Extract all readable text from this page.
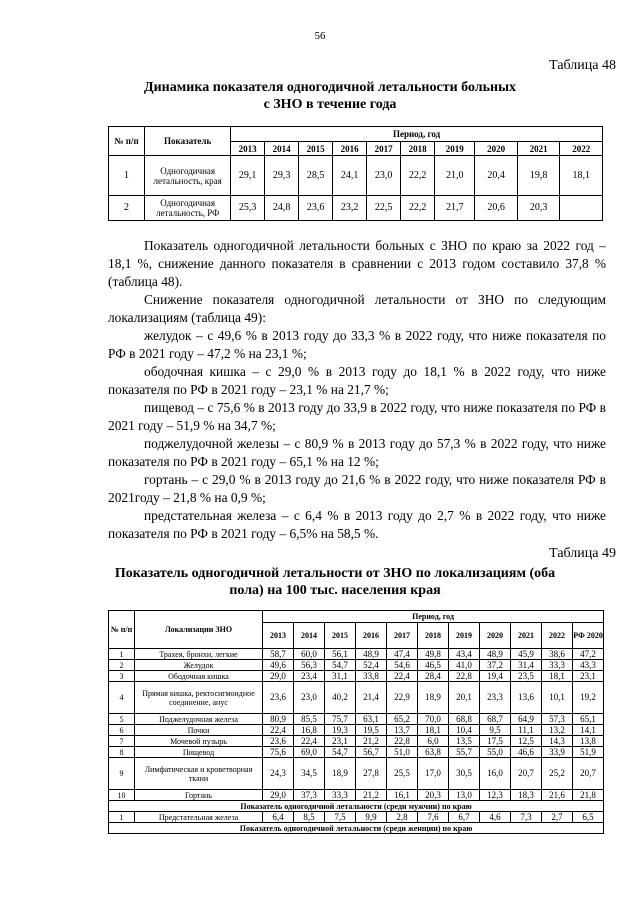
56
Таблица 48
Динамика показателя одногодичной летальности больных
с ЗНО в течение года
№ п/п	Показатель	Период, год									
		2013	2014	2015	2016	2017	2018	2019	2020	2021	2022
1	Одногодичная летальность, края	29,1	29,3	28,5	24,1	23,0	22,2	21,0	20,4	19,8	18,1
2	Одногодичная летальность, РФ	25,3	24,8	23,6	23,2	22,5	22,2	21,7	20,6	20,3	

Показатель одногодичной летальности больных с ЗНО по краю за 2022 год – 18,1 %, снижение данного показателя в сравнении с 2013 годом составило 37,8 % (таблица 48).

Снижение показателя одногодичной летальности от ЗНО по следующим локализациям (таблица 49):

желудок – с 49,6 % в 2013 году до 33,3 % в 2022 году, что ниже показателя по РФ в 2021 году – 47,2 % на 23,1 %;

ободочная кишка – с 29,0 % в 2013 году до 18,1 % в 2022 году, что ниже показателя по РФ в 2021 году – 23,1 % на 21,7 %;

пищевод – с 75,6 % в 2013 году до 33,9 в 2022 году, что ниже показателя по РФ в 2021 году – 51,9 % на 34,7 %;

поджелудочной железы – с 80,9 % в 2013 году до 57,3 % в 2022 году, что ниже показателя по РФ в 2021 году – 65,1 % на 12 %;

гортань – с 29,0 % в 2013 году до 21,6 % в 2022 году, что ниже показателя РФ в 2021году – 21,8 % на 0,9 %;

предстательная железа – с 6,4 % в 2013 году до 2,7 % в 2022 году, что ниже показателя по РФ в 2021 году – 6,5% на 58,5 %.

Таблица 49
Показатель одногодичной летальности от ЗНО по локализациям (оба
пола) на 100 тыс. населения края
№ п/п	Локализации ЗНО	Период, год										
		2013	2014	2015	2016	2017	2018	2019	2020	2021	2022	РФ 2020
1	Трахея, бронхи, легкие	58,7	60,0	56,1	48,9	47,4	49,8	43,4	48,9	45,9	38,6	47,2
2	Желудок	49,6	56,3	54,7	52,4	54,6	46,5	41,0	37,2	31,4	33,3	43,3
3	Ободочная кишка	29,0	23,4	31,1	33,8	22,4	28,4	22,8	19,4	23,5	18,1	23,1
4	Прямая кишка, ректосигмоидное соединение, анус	23,6	23,0	40,2	21,4	22,9	18,9	20,1	23,3	13,6	10,1	19,2
5	Поджелудочная железа	80,9	85,5	75,7	63,1	65,2	70,0	68,8	68,7	64,9	57,3	65,1
6	Почки	22,4	16,8	19,3	19,5	13,7	18,1	10,4	9,5	11,1	13,2	14,1
7	Мочевой пузырь	23,6	22,4	23,1	21,2	22,8	6,0	13,5	17,5	12,5	14,3	13,8
8	Пищевод	75,6	69,0	54,7	56,7	51,0	63,8	55,7	55,0	46,6	33,9	51,9
9	Лимфатическая и кроветворная ткани	24,3	34,5	18,9	27,8	25,5	17,0	30,5	16,0	20,7	25,2	20,7
10	Гортань	29,0	37,3	33,3	21,2	16,1	20,3	13,0	12,3	18,3	21,6	21,8
Показатель одногодичной летальности (среди мужчин) по краю												
1	Предстательная железа	6,4	8,5	7,5	9,9	2,8	7,6	6,7	4,6	7,3	2,7	6,5
Показатель одногодичной летальности (среди женщин) по краю												
